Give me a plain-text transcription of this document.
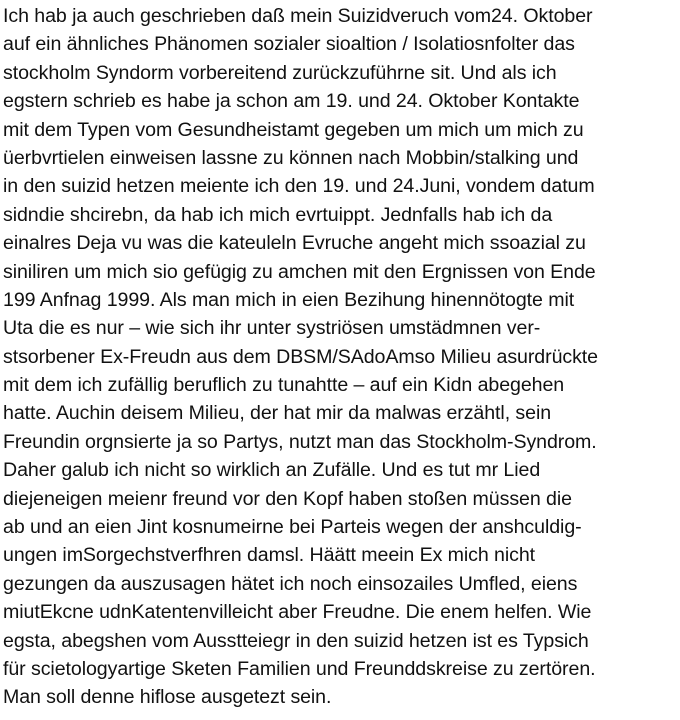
Ich hab ja auch geschrieben daß mein Suizidveruch vom24. Oktober
auf ein ähnliches Phänomen sozialer sioaltion / Isolatiosnfolter das
stockholm Syndorm vorbereitend zurückzuführne sit. Und als ich
egstern schrieb es habe ja schon am 19. und 24. Oktober Kontakte
mit dem Typen vom Gesundheistamt gegeben um mich um mich zu
üerbvrtielen einweisen lassne zu können nach Mobbin/stalking und
in den suizid hetzen meiente ich den 19. und 24.Juni, vondem datum
sidndie shcirebn, da hab ich mich evrtuippt. Jednfalls hab ich da
einalres Deja vu was die kateuleln Evruche angeht mich ssoazial zu
siniliren um mich sio gefügig zu amchen mit den Ergnissen von Ende
199 Anfnag 1999. Als man mich in eien Bezihung hinennötogte mit
Uta die es nur – wie sich ihr unter systriösen umstädmnen ver-
stsorbener Ex-Freudn aus dem DBSM/SAdoAmso Milieu asurdrückte
mit dem ich zufällig beruflich zu tunahtte – auf ein Kidn abegehen
hatte. Auchin deisem Milieu, der hat mir da malwas erzähtl, sein
Freundin orgnsierte ja so Partys, nutzt man das Stockholm-Syndrom.
Daher galub ich nicht so wirklich an Zufälle. Und es tut mr Lied
diejeneigen meienr freund vor den Kopf haben stoßen müssen die
ab und an eien Jint kosnumeirne bei Parteis wegen der anshculdig-
ungen imSorgechstverfhren damsl. Häätt meein Ex mich nicht
gezungen da auszusagen hätet ich noch einsozailes Umfled, eiens
miutEkcne udnKatentenvilleicht aber Freudne. Die enem helfen. Wie
egsta, abegshen vom Ausstteiegr in den suizid hetzen ist es Typsich
für scietologyartige Sketen Familien und Freunddskreise zu zertören.
Man soll denne hiflose ausgetezt sein.
